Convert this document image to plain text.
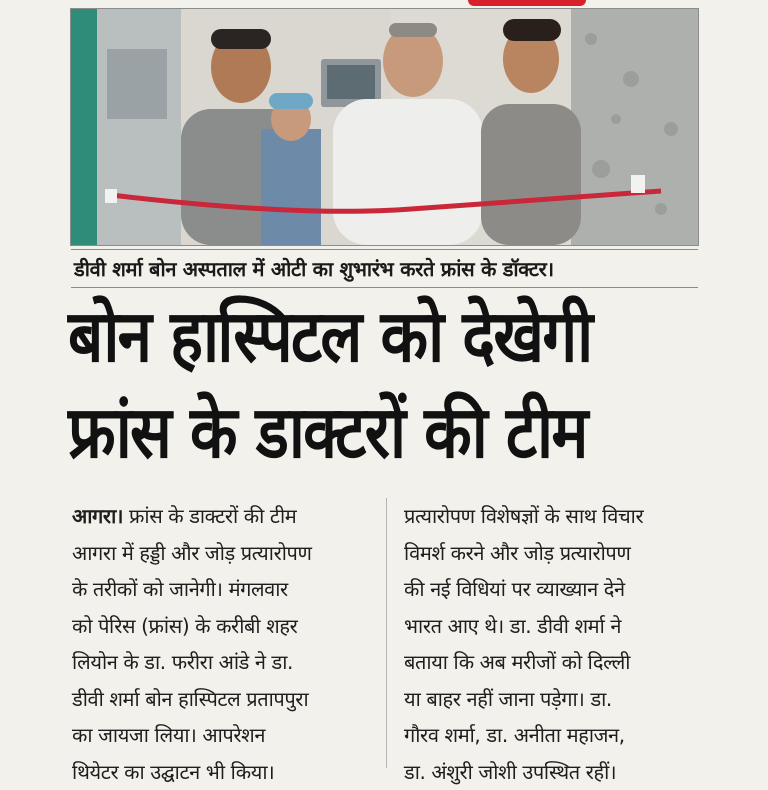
डीवी शर्मा बोन अस्पताल में ओटी का शुभारंभ करते फ्रांस के डॉक्टर।
बोन हास्पिटल को देखेगी
फ्रांस के डाक्टरों की टीम

आगरा। फ्रांस के डाक्टरों की टीम

आगरा में हड्डी और जोड़ प्रत्यारोपण

के तरीकों को जानेगी। मंगलवार

को पेरिस (फ्रांस) के करीबी शहर

लियोन के डा. फरीरा आंडे ने डा.

डीवी शर्मा बोन हास्पिटल प्रतापपुरा

का जायजा लिया। आपरेशन

थियेटर का उद्घाटन भी किया।

प्रत्यारोपण विशेषज्ञों के साथ विचार

विमर्श करने और जोड़ प्रत्यारोपण

की नई विधियां पर व्याख्यान देने

भारत आए थे। डा. डीवी शर्मा ने

बताया कि अब मरीजों को दिल्ली

या बाहर नहीं जाना पड़ेगा। डा.

गौरव शर्मा, डा. अनीता महाजन,

डा. अंशुरी जोशी उपस्थित रहीं।
